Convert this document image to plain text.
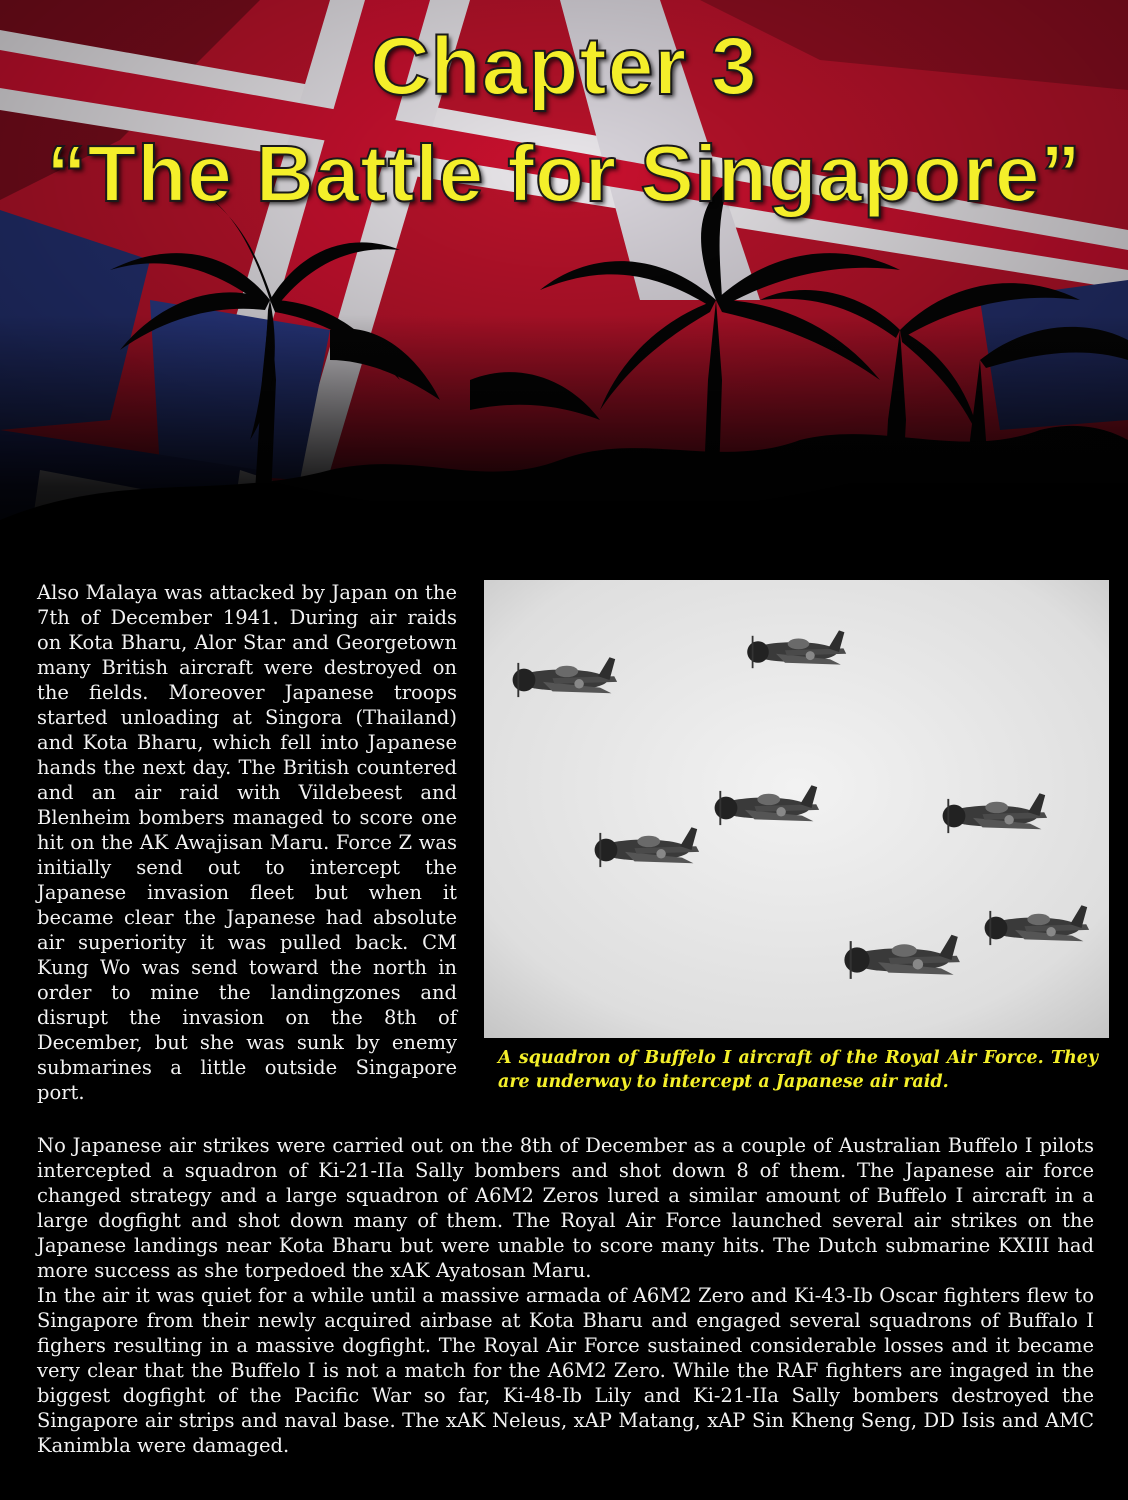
Chapter 3
“The Battle for Singapore”
Also Malaya was attacked by Japan on the 7th of December 1941. During air raids on Kota Bharu, Alor Star and Georgetown many British aircraft were destroyed on the fields. Moreover Japanese troops started unloading at Singora (Thailand) and Kota Bharu, which fell into Japanese hands the next day. The British countered and an air raid with Vildebeest and Blenheim bombers managed to score one hit on the AK Awajisan Maru. Force Z was initially send out to intercept the Japanese invasion fleet but when it became clear the Japanese had absolute air superiority it was pulled back. CM Kung Wo was send toward the north in order to mine the landingzones and disrupt the invasion on the 8th of December, but she was sunk by enemy submarines a little outside Singapore port.
A squadron of Buffelo I aircraft of the Royal Air Force. They are underway to intercept a Japanese air raid.

No Japanese air strikes were carried out on the 8th of December as a couple of Australian Buffelo I pilots intercepted a squadron of Ki-21-IIa Sally bombers and shot down 8 of them. The Japanese air force changed strategy and a large squadron of A6M2 Zeros lured a similar amount of Buffelo I aircraft in a large dogfight and shot down many of them. The Royal Air Force launched several air strikes on the Japanese landings near Kota Bharu but were unable to score many hits. The Dutch submarine KXIII had more success as she torpedoed the xAK Ayatosan Maru.

In the air it was quiet for a while until a massive armada of A6M2 Zero and Ki-43-Ib Oscar fighters flew to Singapore from their newly acquired airbase at Kota Bharu and engaged several squadrons of Buffalo I fighers resulting in a massive dogfight. The Royal Air Force sustained considerable losses and it became very clear that the Buffelo I is not a match for the A6M2 Zero. While the RAF fighters are ingaged in the biggest dogfight of the Pacific War so far, Ki-48-Ib Lily and Ki-21-IIa Sally bombers destroyed the Singapore air strips and naval base. The xAK Neleus, xAP Matang, xAP Sin Kheng Seng, DD Isis and AMC Kanimbla were damaged.
